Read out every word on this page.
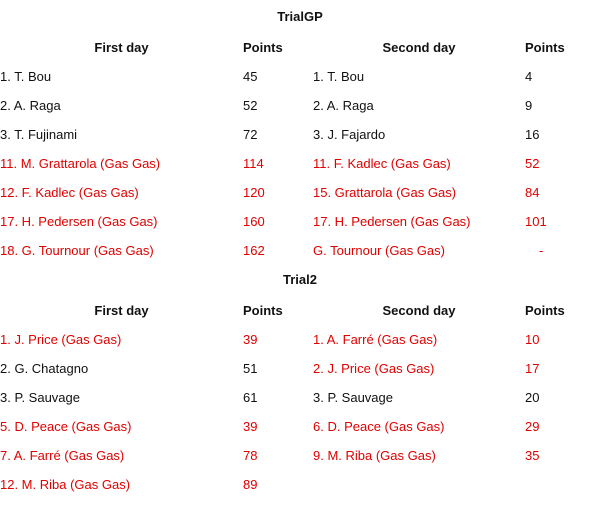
TrialGP
First day	Points	Second day	Points
1. T. Bou	45	1. T. Bou	4
2. A. Raga	52	2. A. Raga	9
3. T. Fujinami	72	3. J. Fajardo	16
11. M. Grattarola (Gas Gas)	114	11. F. Kadlec (Gas Gas)	52
12. F. Kadlec (Gas Gas)	120	15. Grattarola (Gas Gas)	84
17. H. Pedersen (Gas Gas)	160	17. H. Pedersen (Gas Gas)	101
18. G. Tournour (Gas Gas)	162	G. Tournour (Gas Gas)	-
Trial2
First day	Points	Second day	Points
1. J. Price (Gas Gas)	39	1. A. Farré (Gas Gas)	10
2. G. Chatagno	51	2. J. Price (Gas Gas)	17
3. P. Sauvage	61	3. P. Sauvage	20
5. D. Peace (Gas Gas)	39	6. D. Peace (Gas Gas)	29
7. A. Farré (Gas Gas)	78	9. M. Riba (Gas Gas)	35
12. M. Riba (Gas Gas)	89		
